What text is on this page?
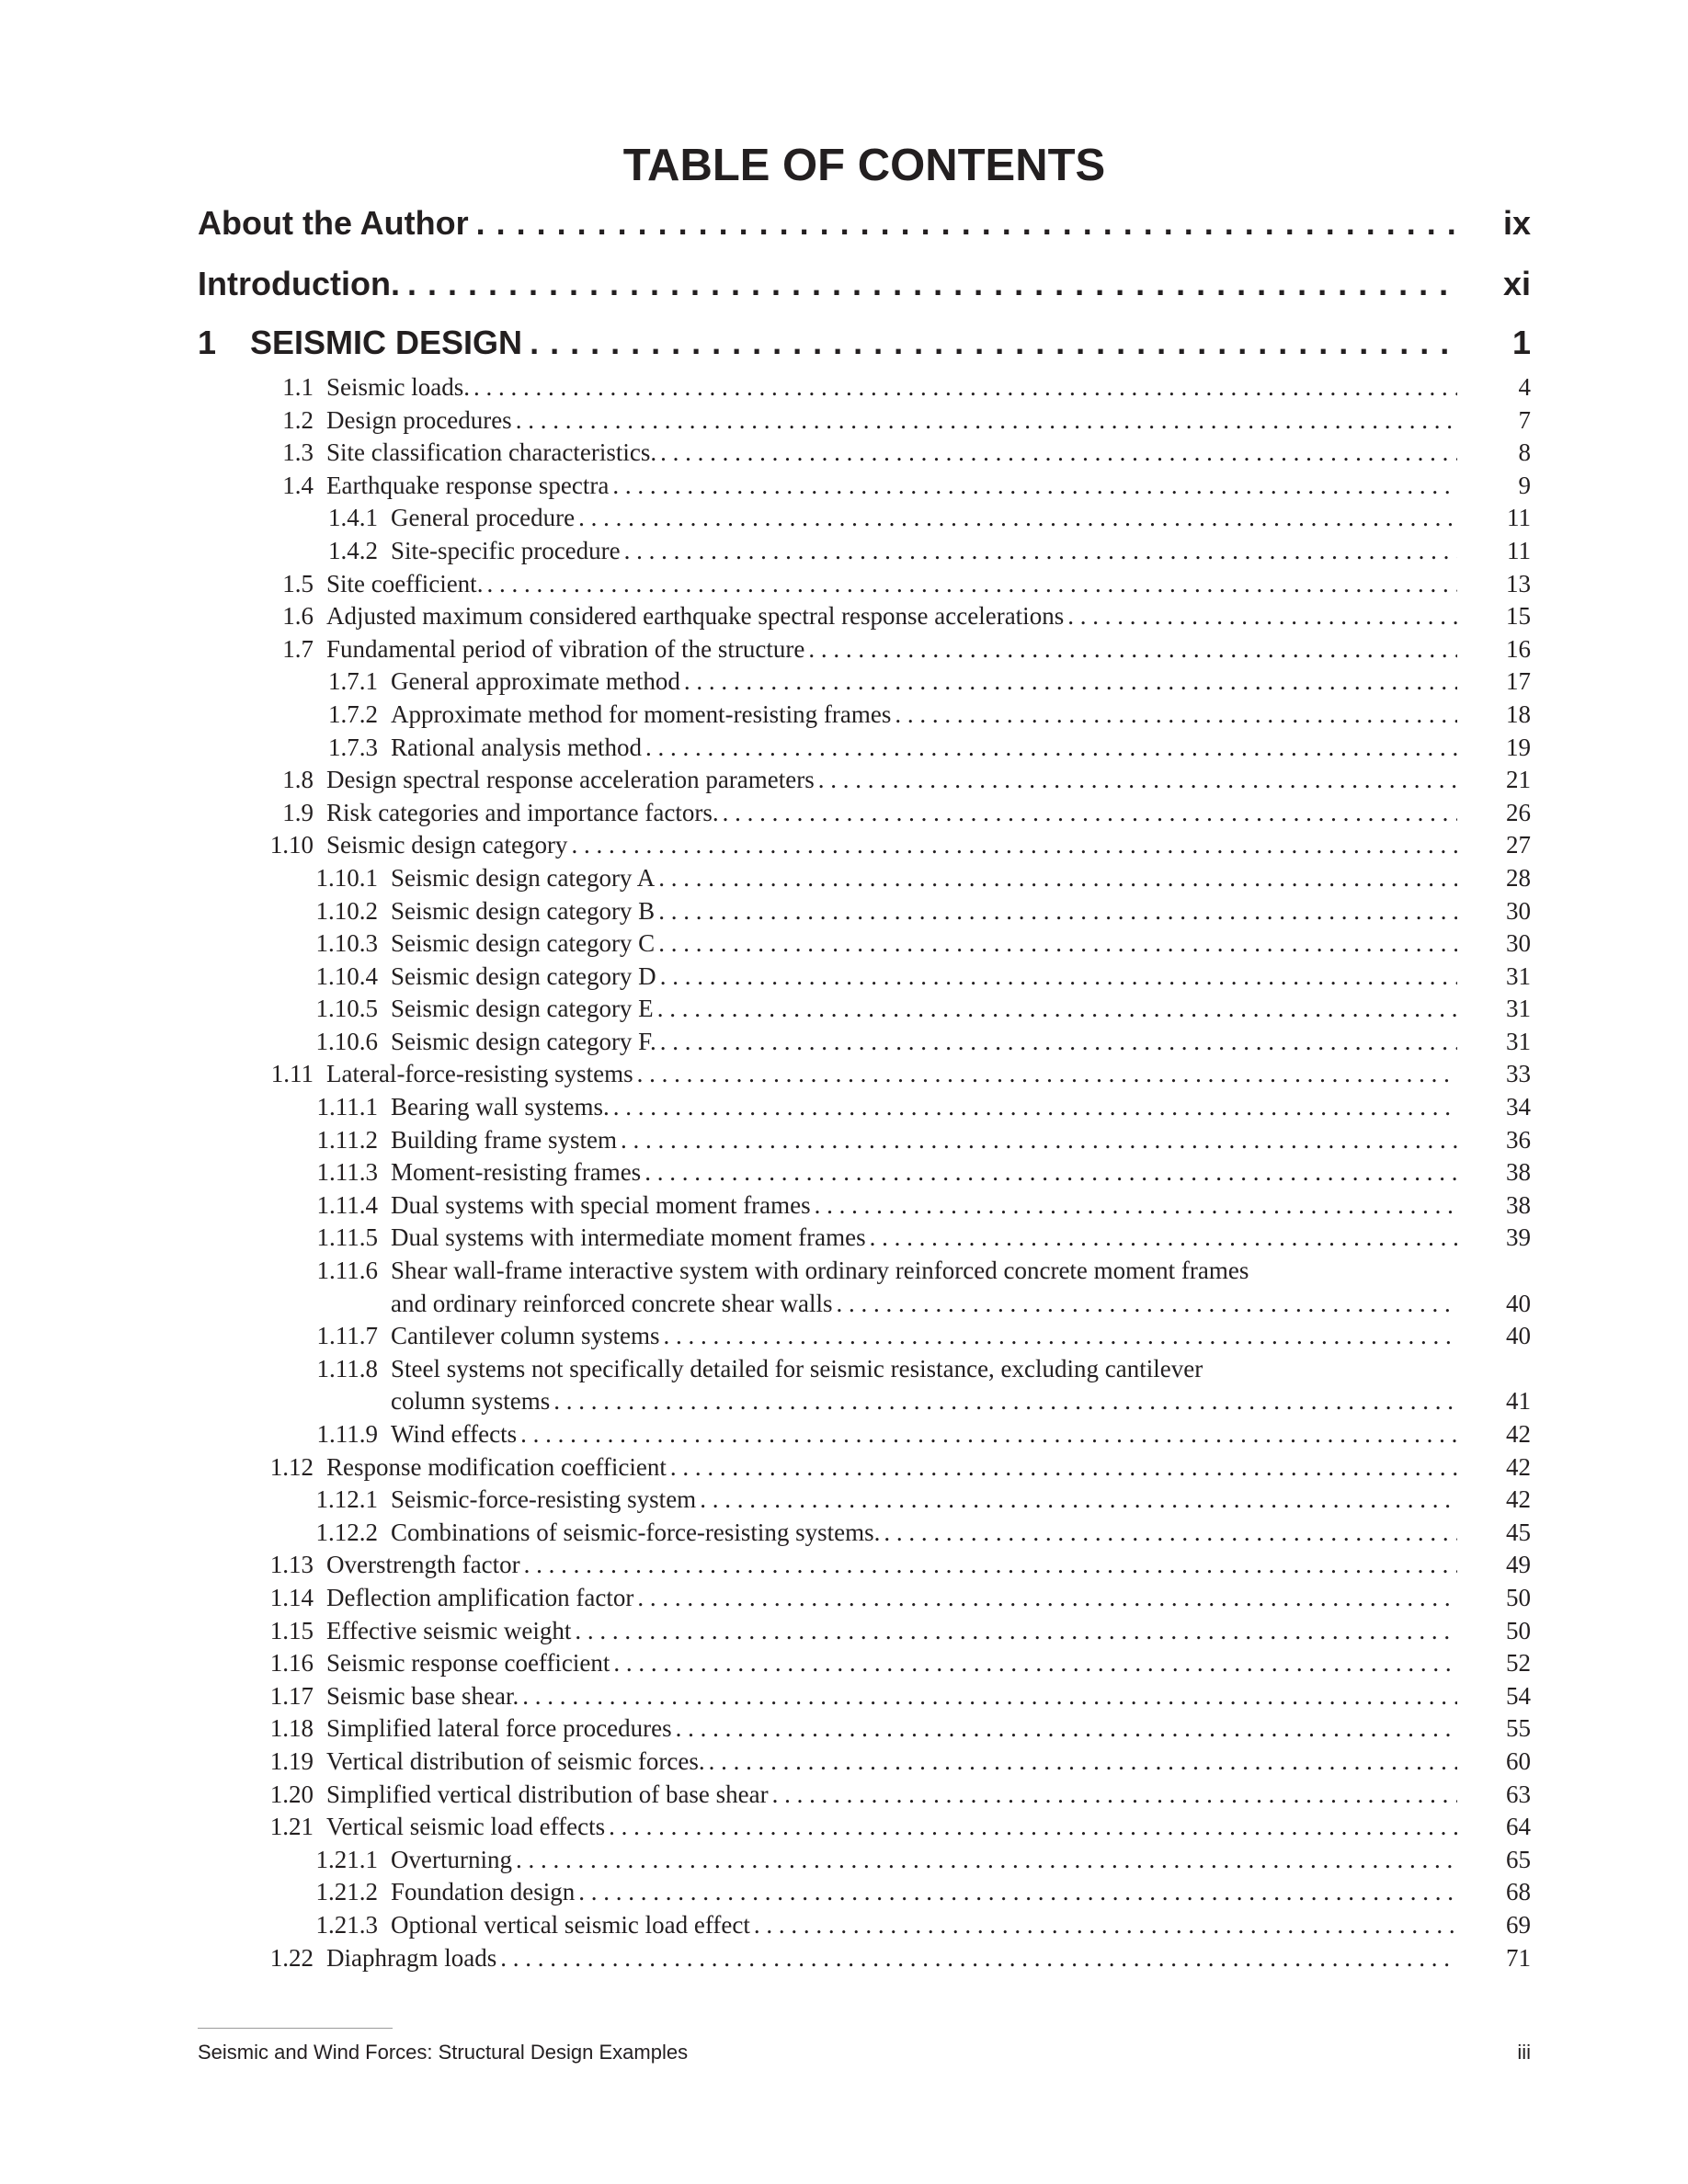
TABLE OF CONTENTS
About the Author . . .	ix
Introduction. . . .	xi
1	SEISMIC DESIGN . . .	1
1.1 Seismic loads. . . .	4
1.2 Design procedures . . .	7
1.3 Site classification characteristics. . . .	8
1.4 Earthquake response spectra . . .	9
1.4.1 General procedure . . .	11
1.4.2 Site-specific procedure . . .	11
1.5 Site coefficient. . . .	13
1.6 Adjusted maximum considered earthquake spectral response accelerations . . .	15
1.7 Fundamental period of vibration of the structure . . .	16
1.7.1 General approximate method . . .	17
1.7.2 Approximate method for moment-resisting frames . . .	18
1.7.3 Rational analysis method . . .	19
1.8 Design spectral response acceleration parameters . . .	21
1.9 Risk categories and importance factors. . . .	26
1.10 Seismic design category . . .	27
1.10.1 Seismic design category A . . .	28
1.10.2 Seismic design category B . . .	30
1.10.3 Seismic design category C . . .	30
1.10.4 Seismic design category D . . .	31
1.10.5 Seismic design category E . . .	31
1.10.6 Seismic design category F. . . .	31
1.11 Lateral-force-resisting systems . . .	33
1.11.1 Bearing wall systems. . . .	34
1.11.2 Building frame system . . .	36
1.11.3 Moment-resisting frames . . .	38
1.11.4 Dual systems with special moment frames . . .	38
1.11.5 Dual systems with intermediate moment frames . . .	39
1.11.6 Shear wall-frame interactive system with ordinary reinforced concrete moment frames
and ordinary reinforced concrete shear walls . . .	40
1.11.7 Cantilever column systems . . .	40
1.11.8 Steel systems not specifically detailed for seismic resistance, excluding cantilever
column systems . . .	41
1.11.9 Wind effects . . .	42
1.12 Response modification coefficient . . .	42
1.12.1 Seismic-force-resisting system . . .	42
1.12.2 Combinations of seismic-force-resisting systems. . . .	45
1.13 Overstrength factor . . .	49
1.14 Deflection amplification factor . . .	50
1.15 Effective seismic weight . . .	50
1.16 Seismic response coefficient . . .	52
1.17 Seismic base shear. . . .	54
1.18 Simplified lateral force procedures . . .	55
1.19 Vertical distribution of seismic forces. . . .	60
1.20 Simplified vertical distribution of base shear . . .	63
1.21 Vertical seismic load effects . . .	64
1.21.1 Overturning . . .	65
1.21.2 Foundation design . . .	68
1.21.3 Optional vertical seismic load effect . . .	69
1.22 Diaphragm loads . . .	71
Seismic and Wind Forces: Structural Design Examples	iii
